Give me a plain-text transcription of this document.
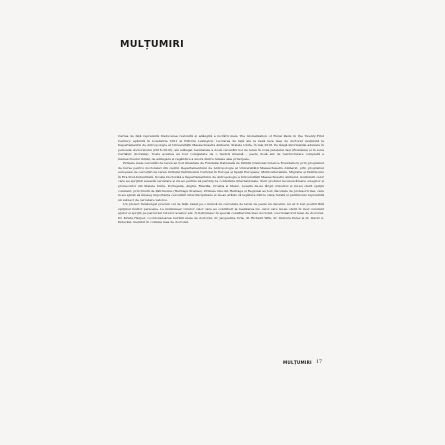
MULȚUMIRI

Cartea de față reprezintă traducerea revizuită și adăugită a lucrării mele The Globalization of Rural Pasts in the Twenty-First Century, apărută în noiembrie 2021 la Editura Lexington. Lucrarea de față are la bază teza mea de doctorat susținută la Departamentul de Antropologie al Universității Massachusetts Amherst, Statele Unite, în mai 2018. Pe lângă informațiile adunate în perioada doctoratului (2016–2018), am adăugat rezultatele a două cercetări noi de teren în zona județului Iași (România) și în zona Cernăuți (Ucraina). Toate acestea au fost completate de o muncă intensă – peste două ani de restructurare completă a manuscrisului inițial, de adăugare și regândire a unora dintre temele sale principale.

Primele mele cercetări de teren au fost finanțate de Fundația Națională de Știință (National Science Foundation) prin programul de burse pentru doctoranzi din cadrul Departamentului de Antropologie al Universității Massachusetts Amherst, prin programul european de cercetări de teren intitulat Patrimoniul Cultural în Europa și Spații Europene: Multiculturalism, Migrație și Patrimoniu în Era Post-Industrială, Școala Doctorală a Departamentului de Antropologie a Universității Massachusetts Amherst, mulțumiri celor care au sprijinit această cercetare și mi-au permis să particip la conferințe internaționale. Sunt profund recunoscătoare colegilor și profesorilor din Statele Unite, Portugalia, Anglia, Brazilia, Croația și Mexic. Aceștia mi-au lărgit orizontul și mi-au oferit sprijin constant, prin Studii de Patrimoniu (Heritage Studies). Primele idei din Heritage și Regional au fost discutate de profesorii mei, care m-au ajutat să înțeleg importanța cercetării interdisciplinare și mi-au arătat că legătura dintre viața rurală și patrimoniu reprezintă un subiect de cercetare valoros.

Un proiect îndelungat precum cel de față, bazat pe o muncă de cercetare de teren de peste un deceniu, nu ar fi fost posibil fără sprijinul multor persoane. Le mulțumesc tuturor celor care au contribuit la realizarea lui, celor care mi-au oferit în mod constant ajutor și sprijin pe parcursul tuturor acestor ani. Îi mulțumesc în special consilierului meu doctoral, coordonatorul tezei de doctorat, Dr. Krista Harper, coordonatoarea lucrării mele de doctorat, dr. Jacqueline Urla, dr. Richard Wilk, dr. Ventura Perez și dr. David A. Kideckel, membri în comisia mea de doctorat.

MULȚUMIRI 17
